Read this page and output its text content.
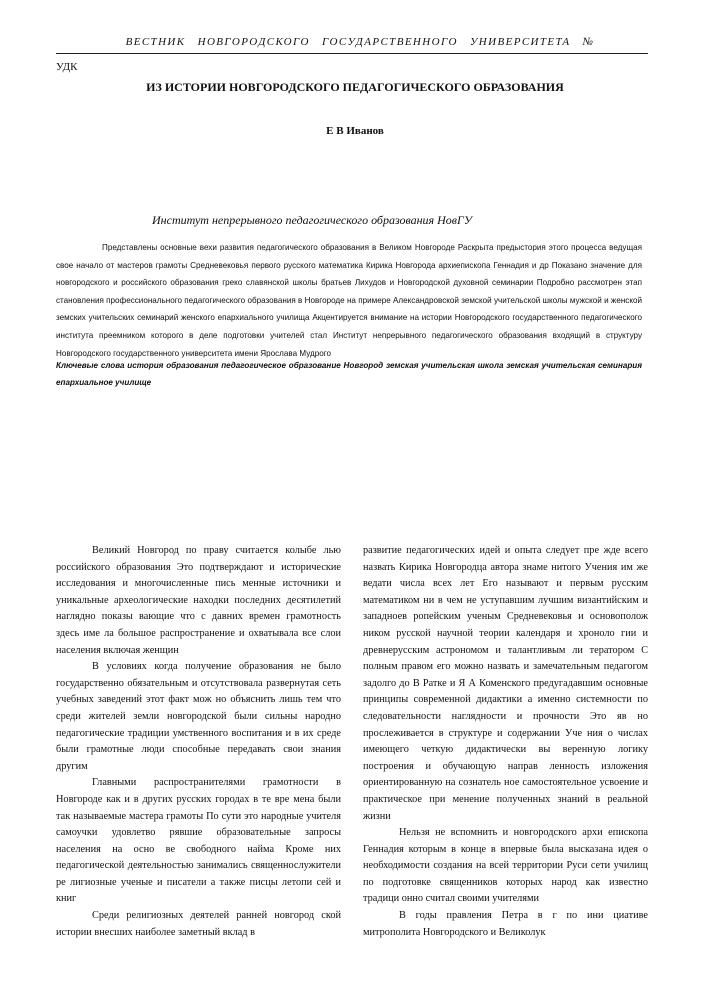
ВЕСТНИК НОВГОРОДСКОГО ГОСУДАРСТВЕННОГО УНИВЕРСИТЕТА №
УДК
ИЗ ИСТОРИИ НОВГОРОДСКОГО ПЕДАГОГИЧЕСКОГО ОБРАЗОВАНИЯ
Е В Иванов
Институт непрерывного педагогического образования НовГУ
Представлены основные вехи развития педагогического образования в Великом Новгороде Раскрыта предыстория этого процесса ведущая свое начало от мастеров грамоты Средневековья первого русского математика Кирика Новгорода архиепископа Геннадия и др Показано значение для новгородского и российского образования греко славянской школы братьев Лихудов и Новгородской духовной семинарии Подробно рассмотрен этап становления профессионального педагогического образования в Новгороде на примере Александровской земской учительской школы мужской и женской земских учительских семинарий женского епархиального училища Акцентируется внимание на истории Новгородского государственного педагогического института преемником которого в деле подготовки учителей стал Институт непрерывного педагогического образования входящий в структуру Новгородского государственного университета имени Ярослава Мудрого
Ключевые слова история образования педагогическое образование Новгород земская учительская школа земская учительская семинария епархиальное училище

Великий Новгород по праву считается колыбе лью российского образования Это подтверждают и исторические исследования и многочисленные пись менные источники и уникальные археологические находки последних десятилетий наглядно показы вающие что с давних времен грамотность здесь име ла большое распространение и охватывала все слои населения включая женщин

В условиях когда получение образования не было государственно обязательным и отсутствовала развернутая сеть учебных заведений этот факт мож но объяснить лишь тем что среди жителей земли новгородской были сильны народно педагогические традиции умственного воспитания и в их среде были грамотные люди способные передавать свои знания другим

Главными распространителями грамотности в Новгороде как и в других русских городах в те вре мена были так называемые мастера грамоты По сути это народные учителя самоучки удовлетво рявшие образовательные запросы населения на осно ве свободного найма Кроме них педагогической деятельностью занимались священнослужители ре лигиозные ученые и писатели а также писцы летопи сей и книг

Среди религиозных деятелей ранней новгород ской истории внесших наиболее заметный вклад в

развитие педагогических идей и опыта следует пре жде всего назвать Кирика Новгородца автора знаме нитого Учения им же ведати числа всех лет Его называют и первым русским математиком ни в чем не уступавшим лучшим византийским и западноев ропейским ученым Средневековья и основополож ником русской научной теории календаря и хроноло гии и древнерусским астрономом и талантливым ли тератором С полным правом его можно назвать и замечательным педагогом задолго до В Ратке и Я А Коменского предугадавшим основные принципы современной дидактики а именно системности по следовательности наглядности и прочности Это яв но прослеживается в структуре и содержании Уче ния о числах имеющего четкую дидактически вы веренную логику построения и обучающую направ ленность изложения ориентированную на сознатель ное самостоятельное усвоение и практическое при менение полученных знаний в реальной жизни

Нельзя не вспомнить и новгородского архи епископа Геннадия которым в конце в впервые была высказана идея о необходимости создания на всей территории Руси сети училищ по подготовке священников которых народ как известно традици онно считал своими учителями

В годы правления Петра в г по ини циативе митрополита Новгородского и Великолук
